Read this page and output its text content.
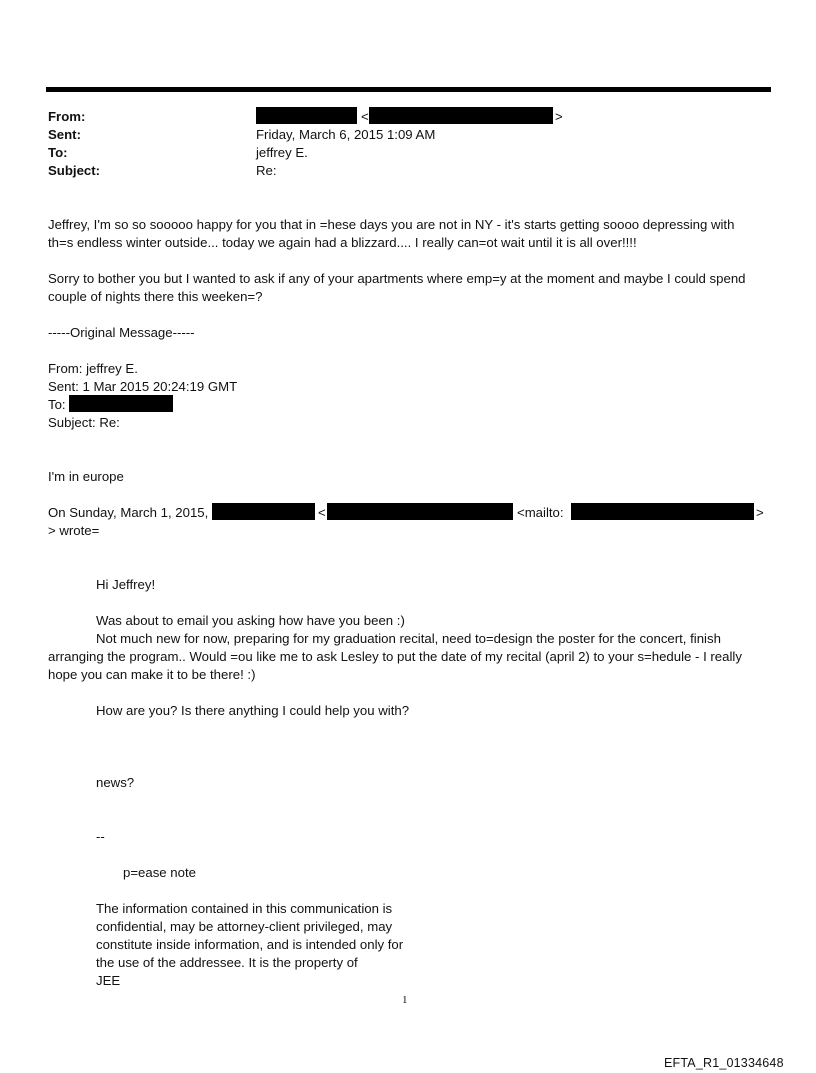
From:	<	>
Sent:	Friday, March 6, 2015 1:09 AM
To:	jeffrey E.
Subject:	Re:
Jeffrey, I'm so so sooooo happy for you that in =hese days you are not in NY - it's starts getting soooo depressing with
th=s endless winter outside... today we again had a blizzard.... I really can=ot wait until it is all over!!!!
Sorry to bother you but I wanted to ask if any of your apartments where emp=y at the moment and maybe I could spend
couple of nights there this weeken=?
-----Original Message-----
From: jeffrey E.
Sent: 1 Mar 2015 20:24:19 GMT
To:
Subject: Re:
I'm in europe
On Sunday, March 1, 2015,	<	<mailto:	>
> wrote=
Hi Jeffrey!
Was about to email you asking how have you been :)
Not much new for now, preparing for my graduation recital, need to=design the poster for the concert, finish
arranging the program.. Would =ou like me to ask Lesley to put the date of my recital (april 2) to your s=hedule - I really
hope you can make it to be there! :)
How are you? Is there anything I could help you with?
news?
--
p=ease note
The information contained in this communication is
confidential, may be attorney-client privileged, may
constitute inside information, and is intended only for
the use of the addressee. It is the property of
JEE
1
EFTA_R1_01334648
